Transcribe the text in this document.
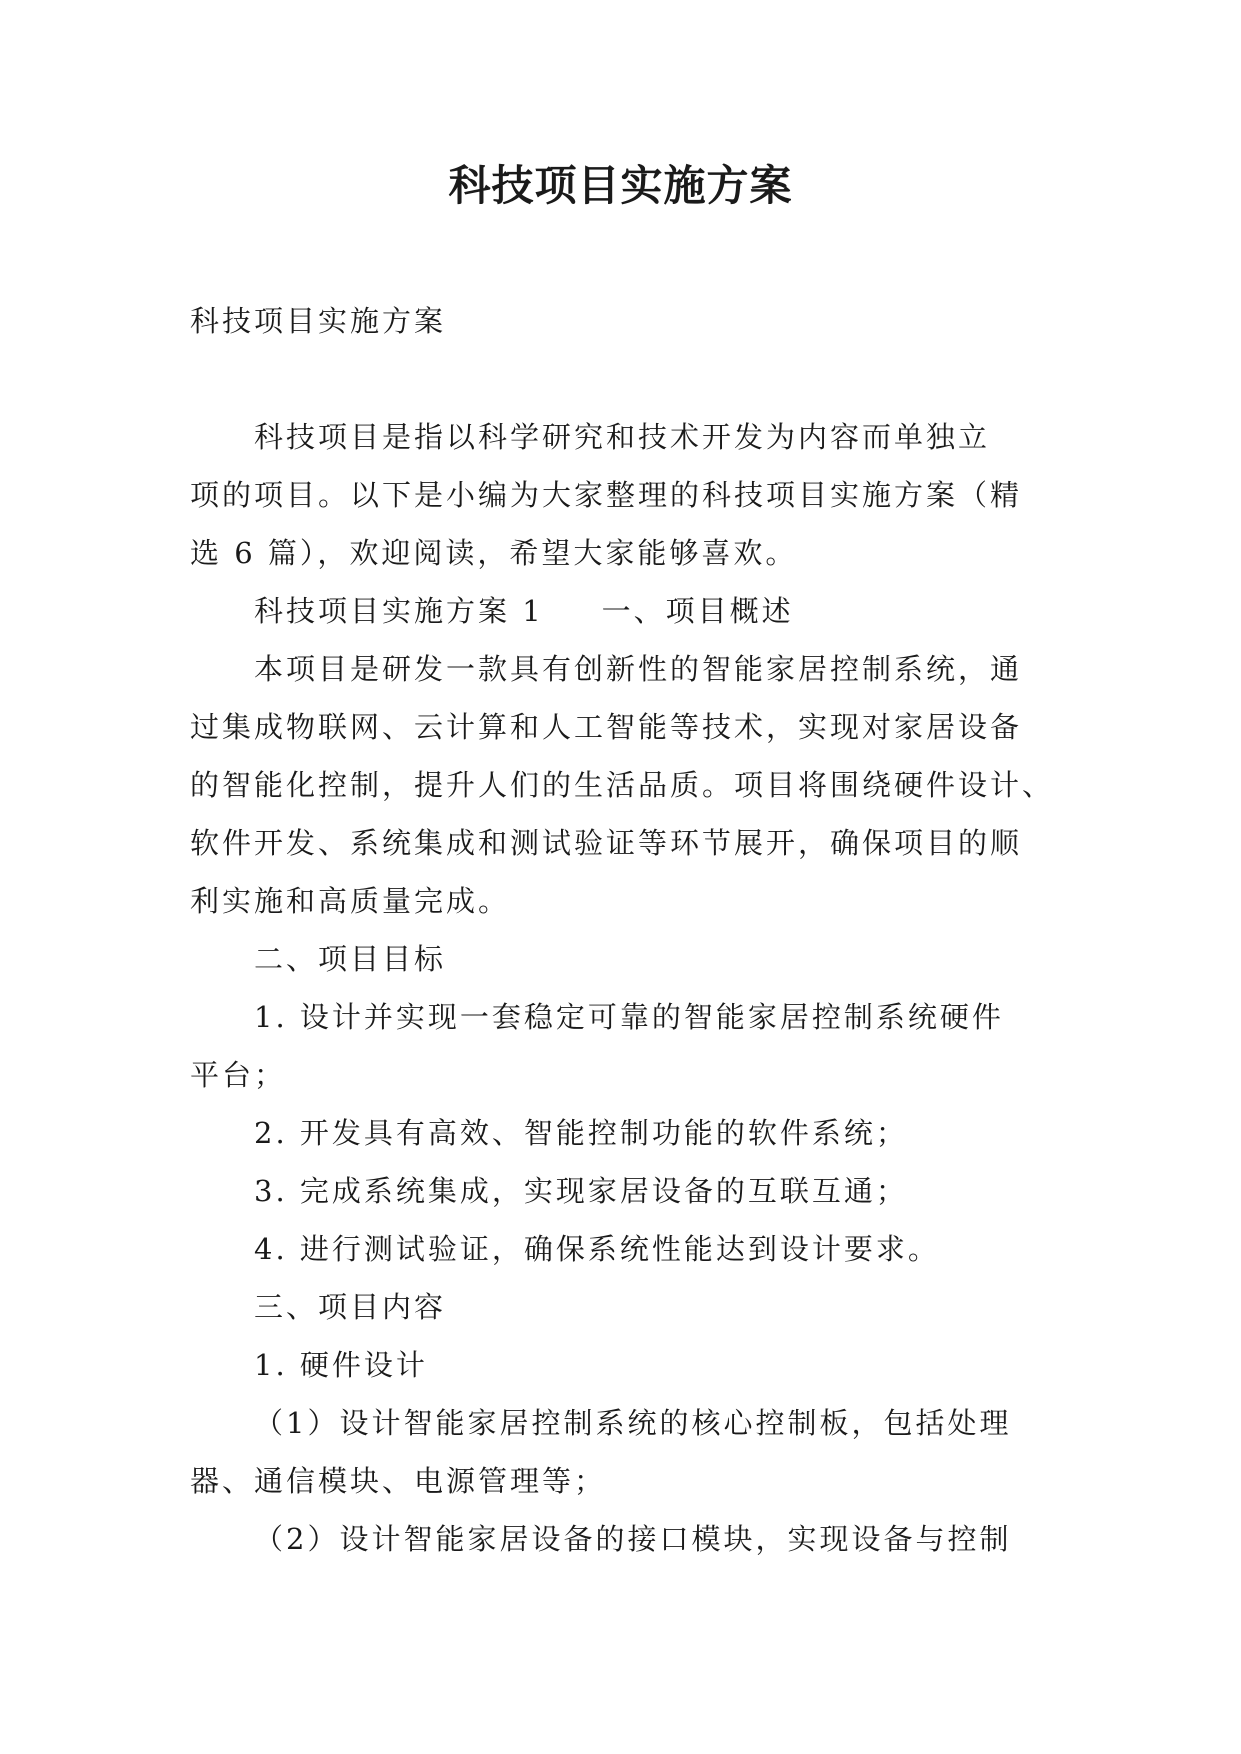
科技项目实施方案
科技项目实施方案
科技项目是指以科学研究和技术开发为内容而单独立
项的项目。以下是小编为大家整理的科技项目实施方案（精
选 6 篇），欢迎阅读，希望大家能够喜欢。
科技项目实施方案 1 一、项目概述
本项目是研发一款具有创新性的智能家居控制系统，通
过集成物联网、云计算和人工智能等技术，实现对家居设备
的智能化控制，提升人们的生活品质。项目将围绕硬件设计、
软件开发、系统集成和测试验证等环节展开，确保项目的顺
利实施和高质量完成。
二、项目目标
1. 设计并实现一套稳定可靠的智能家居控制系统硬件
平台；
2. 开发具有高效、智能控制功能的软件系统；
3. 完成系统集成，实现家居设备的互联互通；
4. 进行测试验证，确保系统性能达到设计要求。
三、项目内容
1. 硬件设计
（1）设计智能家居控制系统的核心控制板，包括处理
器、通信模块、电源管理等；
（2）设计智能家居设备的接口模块，实现设备与控制
